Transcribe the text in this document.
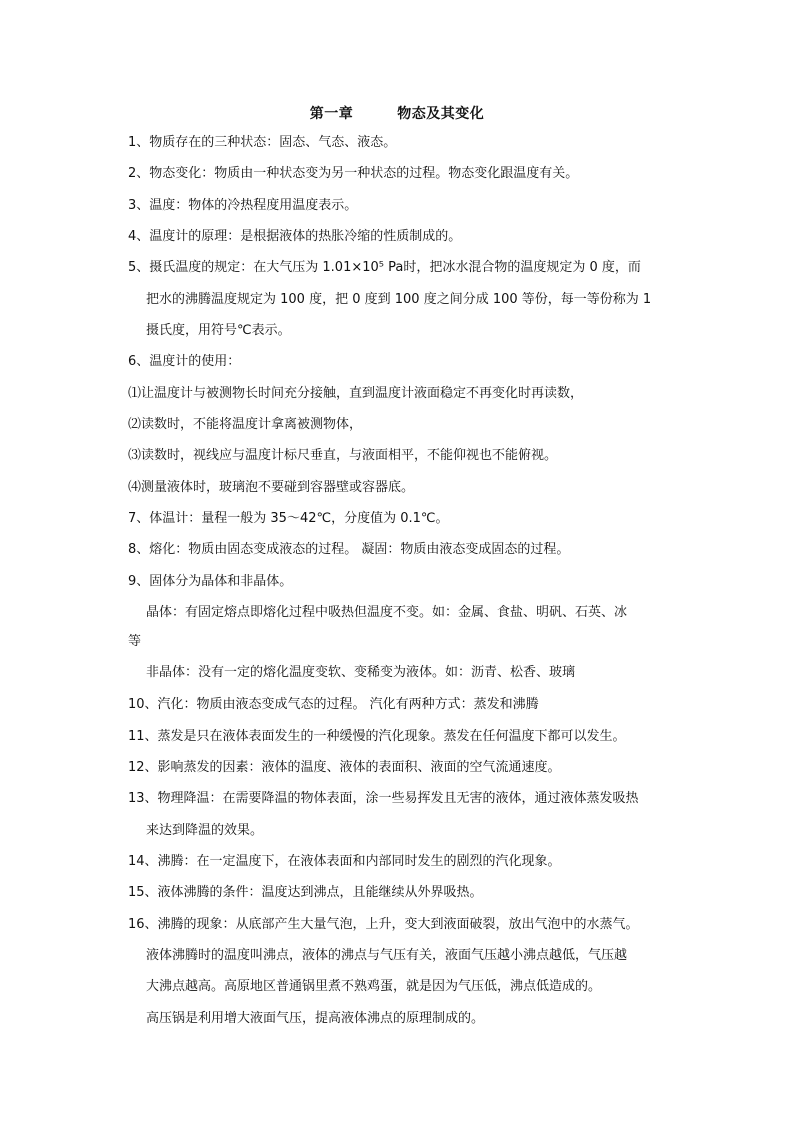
第一章	物态及其变化
1、物质存在的三种状态：固态、气态、液态。
2、物态变化：物质由一种状态变为另一种状态的过程。物态变化跟温度有关。
3、温度：物体的冷热程度用温度表示。
4、温度计的原理：是根据液体的热胀冷缩的性质制成的。
5、摄氏温度的规定：在大气压为 1.01×10⁵ Pa时，把冰水混合物的温度规定为 0 度，而
把水的沸腾温度规定为 100 度，把 0 度到 100 度之间分成 100 等份，每一等份称为 1
摄氏度，用符号℃表示。
6、温度计的使用：
⑴让温度计与被测物长时间充分接触，直到温度计液面稳定不再变化时再读数，
⑵读数时，不能将温度计拿离被测物体，
⑶读数时，视线应与温度计标尺垂直，与液面相平，不能仰视也不能俯视。
⑷测量液体时，玻璃泡不要碰到容器壁或容器底。
7、体温计：量程一般为 35～42℃，分度值为 0.1℃。
8、熔化：物质由固态变成液态的过程。 凝固：物质由液态变成固态的过程。
9、固体分为晶体和非晶体。
晶体：有固定熔点即熔化过程中吸热但温度不变。如：金属、食盐、明矾、石英、冰
等
非晶体：没有一定的熔化温度变软、变稀变为液体。如：沥青、松香、玻璃
10、汽化：物质由液态变成气态的过程。 汽化有两种方式：蒸发和沸腾
11、蒸发是只在液体表面发生的一种缓慢的汽化现象。蒸发在任何温度下都可以发生。
12、影响蒸发的因素：液体的温度、液体的表面积、液面的空气流通速度。
13、物理降温：在需要降温的物体表面，涂一些易挥发且无害的液体，通过液体蒸发吸热
来达到降温的效果。
14、沸腾：在一定温度下，在液体表面和内部同时发生的剧烈的汽化现象。
15、液体沸腾的条件：温度达到沸点，且能继续从外界吸热。
16、沸腾的现象：从底部产生大量气泡，上升，变大到液面破裂，放出气泡中的水蒸气。
液体沸腾时的温度叫沸点，液体的沸点与气压有关，液面气压越小沸点越低，气压越
大沸点越高。高原地区普通锅里煮不熟鸡蛋，就是因为气压低，沸点低造成的。
高压锅是利用增大液面气压，提高液体沸点的原理制成的。
